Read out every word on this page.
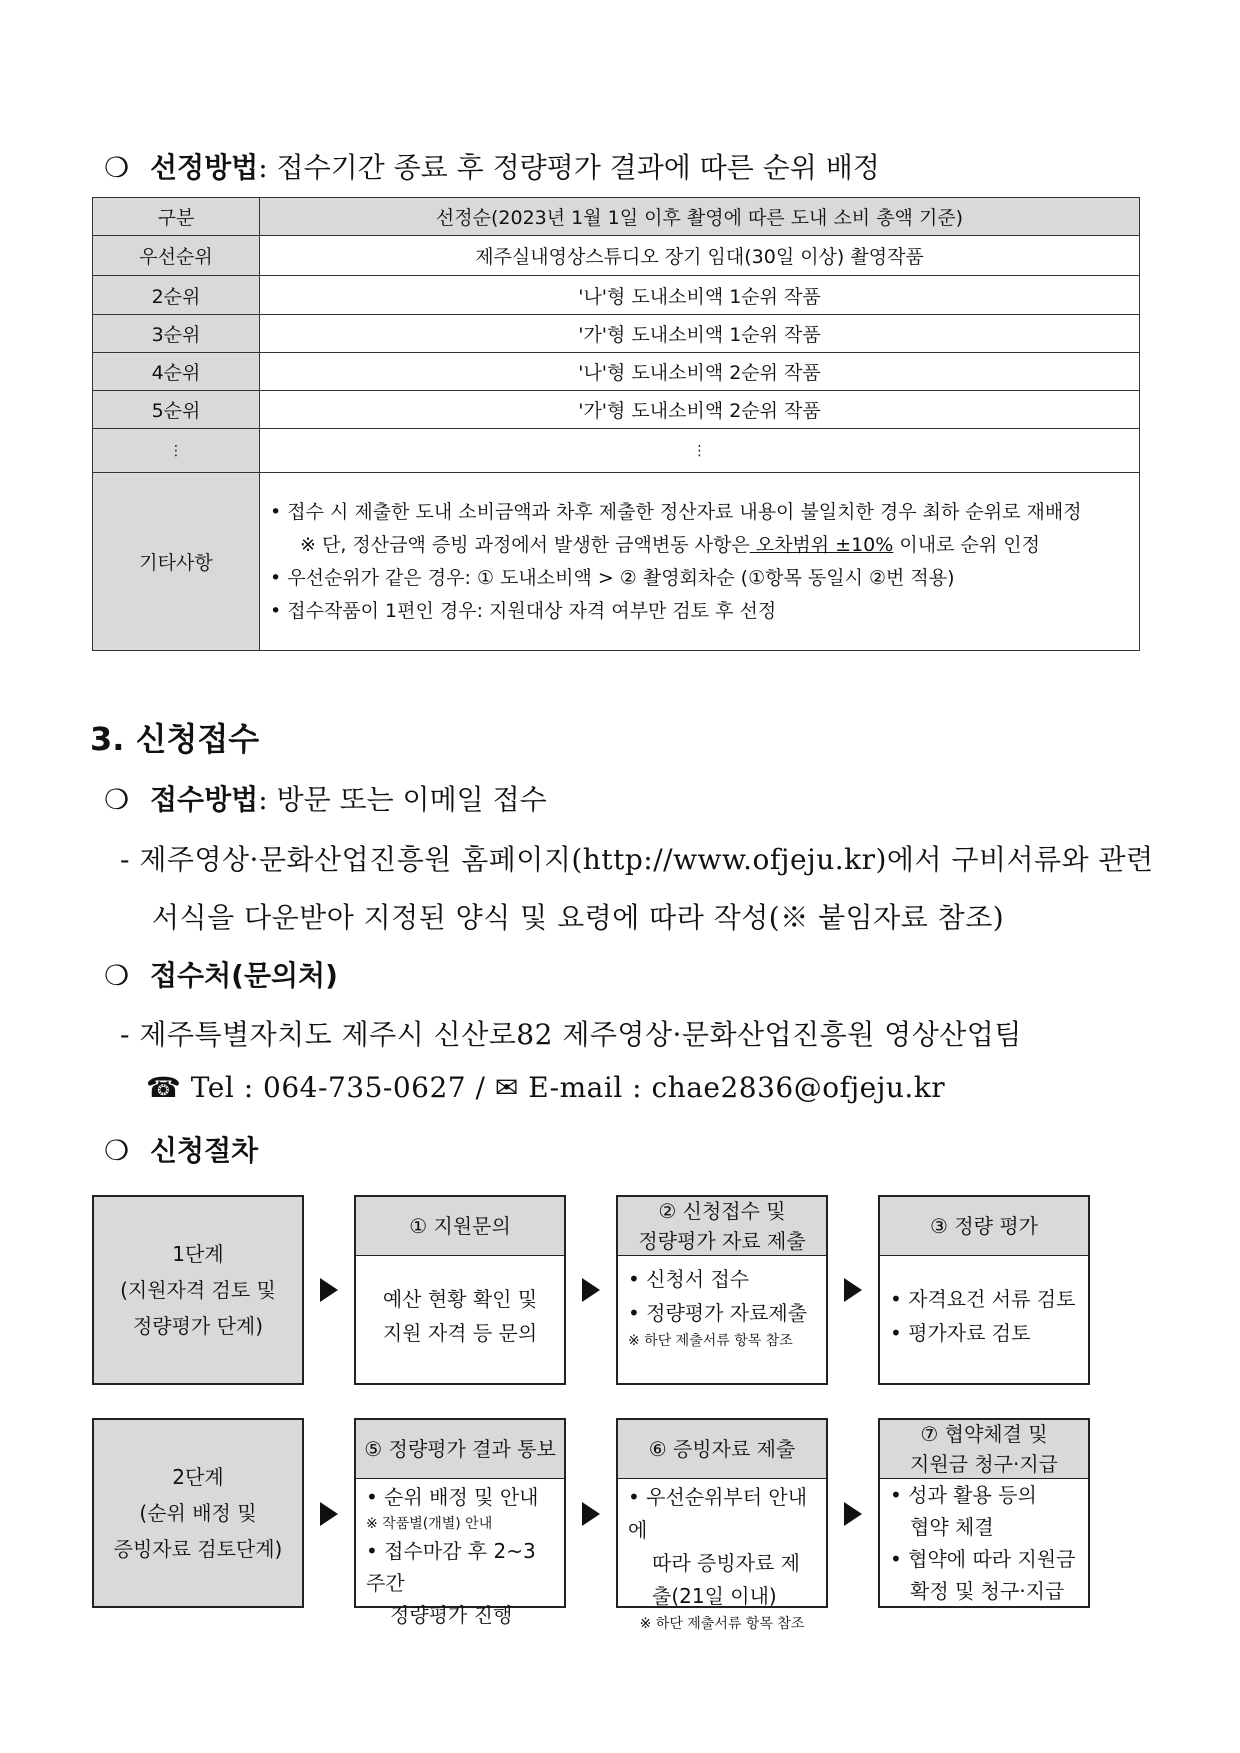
❍ 선정방법: 접수기간 종료 후 정량평가 결과에 따른 순위 배정
구분	선정순(2023년 1월 1일 이후 촬영에 따른 도내 소비 총액 기준)
우선순위	제주실내영상스튜디오 장기 임대(30일 이상) 촬영작품
2순위	'나'형 도내소비액 1순위 작품
3순위	'가'형 도내소비액 1순위 작품
4순위	'나'형 도내소비액 2순위 작품
5순위	'가'형 도내소비액 2순위 작품
⋮	⋮
기타사항	• 접수 시 제출한 도내 소비금액과 차후 제출한 정산자료 내용이 불일치한 경우 최하 순위로 재배정
※ 단, 정산금액 증빙 과정에서 발생한 금액변동 사항은 오차범위 ±10% 이내로 순위 인정
• 우선순위가 같은 경우: ① 도내소비액 > ② 촬영회차순 (①항목 동일시 ②번 적용)
• 접수작품이 1편인 경우: 지원대상 자격 여부만 검토 후 선정
3. 신청접수
❍ 접수방법: 방문 또는 이메일 접수
- 제주영상·문화산업진흥원 홈페이지(http://www.ofjeju.kr)에서 구비서류와 관련
서식을 다운받아 지정된 양식 및 요령에 따라 작성(※ 붙임자료 참조)
❍ 접수처(문의처)
- 제주특별자치도 제주시 신산로82 제주영상·문화산업진흥원 영상산업팀
☎ Tel : 064-735-0627 / ✉ E-mail : chae2836@ofjeju.kr
❍ 신청절차
1단계
(지원자격 검토 및
정량평가 단계)
① 지원문의
예산 현황 확인 및
지원 자격 등 문의
② 신청접수 및
정량평가 자료 제출
• 신청서 접수
• 정량평가 자료제출
※ 하단 제출서류 항목 참조
③ 정량 평가
• 자격요건 서류 검토
• 평가자료 검토
2단계
(순위 배정 및
증빙자료 검토단계)
⑤ 정량평가 결과 통보
• 순위 배정 및 안내
※ 작품별(개별) 안내
• 접수마감 후 2~3주간
정량평가 진행
⑥ 증빙자료 제출
• 우선순위부터 안내에
따라 증빙자료 제
출(21일 이내)
※ 하단 제출서류 항목 참조
⑦ 협약체결 및
지원금 청구·지급
• 성과 활용 등의
협약 체결
• 협약에 따라 지원금
확정 및 청구·지급
